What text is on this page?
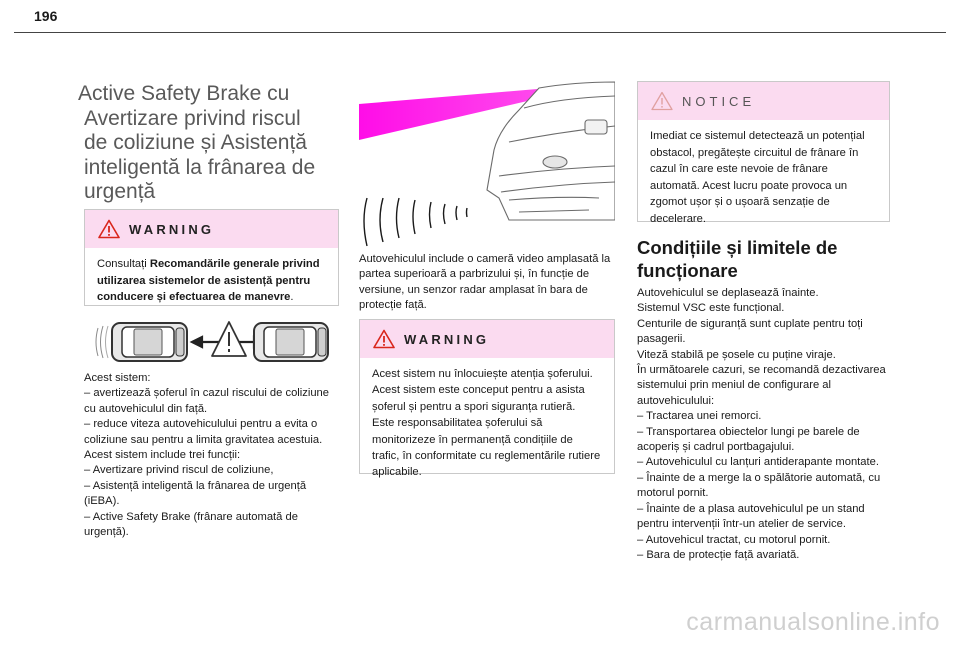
196
Active Safety Brake cu
Avertizare privind riscul
de coliziune și Asistență
inteligentă la frânarea de
urgență
WARNING
Consultați Recomandările generale privind utilizarea sistemelor de asistență pentru conducere și efectuarea de manevre.
Acest sistem:
– avertizează șoferul în cazul riscului de coliziune cu autovehiculul din față.
– reduce viteza autovehiculului pentru a evita o coliziune sau pentru a limita gravitatea acestuia.
Acest sistem include trei funcții:
– Avertizare privind riscul de coliziune,
– Asistență inteligentă la frânarea de urgență (iEBA).
– Active Safety Brake (frânare automată de urgență).
Autovehiculul include o cameră video amplasată la partea superioară a parbrizului și, în funcție de versiune, un senzor radar amplasat în bara de protecție față.
WARNING
Acest sistem nu înlocuiește atenția șoferului.
Acest sistem este conceput pentru a asista șoferul și pentru a spori siguranța rutieră.
Este responsabilitatea șoferului să monitorizeze în permanență condițiile de trafic, în conformitate cu reglementările rutiere aplicabile.
NOTICE
Imediat ce sistemul detectează un potențial obstacol, pregătește circuitul de frânare în cazul în care este nevoie de frânare automată. Acest lucru poate provoca un zgomot ușor și o ușoară senzație de decelerare.
Condițiile și limitele de funcționare
Autovehiculul se deplasează înainte.
Sistemul VSC este funcțional.
Centurile de siguranță sunt cuplate pentru toți pasagerii.
Viteză stabilă pe șosele cu puține viraje.
În următoarele cazuri, se recomandă dezactivarea sistemului prin meniul de configurare al autovehiculului:
– Tractarea unei remorci.
– Transportarea obiectelor lungi pe barele de acoperiș și cadrul portbagajului.
– Autovehiculul cu lanțuri antiderapante montate.
– Înainte de a merge la o spălătorie automată, cu motorul pornit.
– Înainte de a plasa autovehiculul pe un stand pentru intervenții într-un atelier de service.
– Autovehicul tractat, cu motorul pornit.
– Bara de protecție față avariată.
carmanualsonline.info
